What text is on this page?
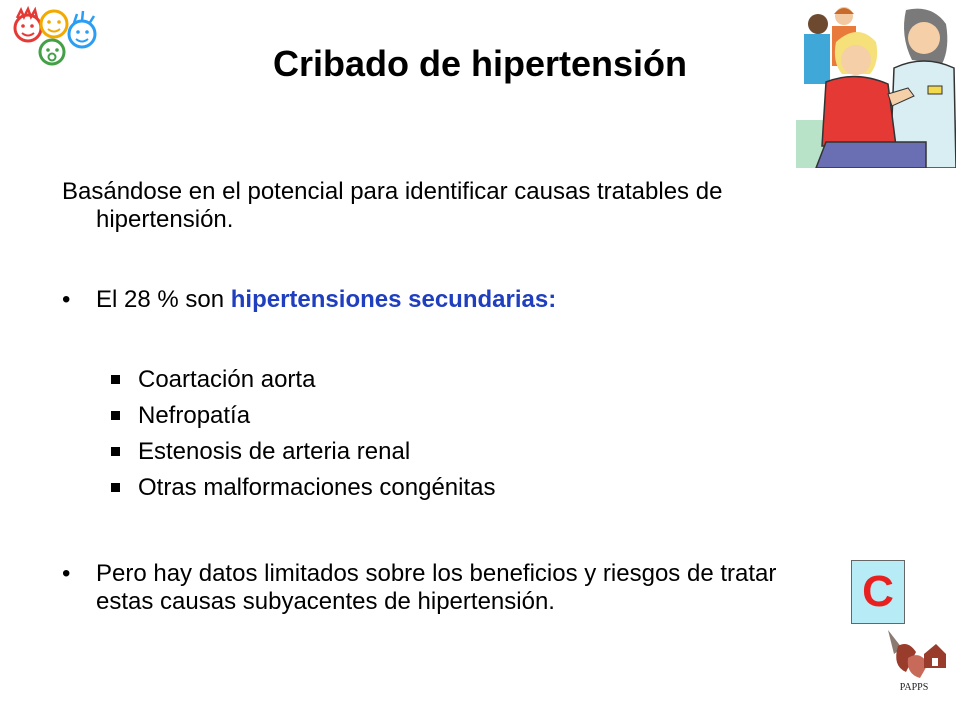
Cribado de hipertensión
Basándose en el potencial para identificar causas tratables de hipertensión.
• El 28 % son hipertensiones secundarias:
Coartación aorta
Nefropatía
Estenosis de arteria renal
Otras malformaciones congénitas
• Pero hay datos limitados sobre los beneficios y riesgos de tratar estas causas subyacentes de hipertensión.	C
PAPPS
